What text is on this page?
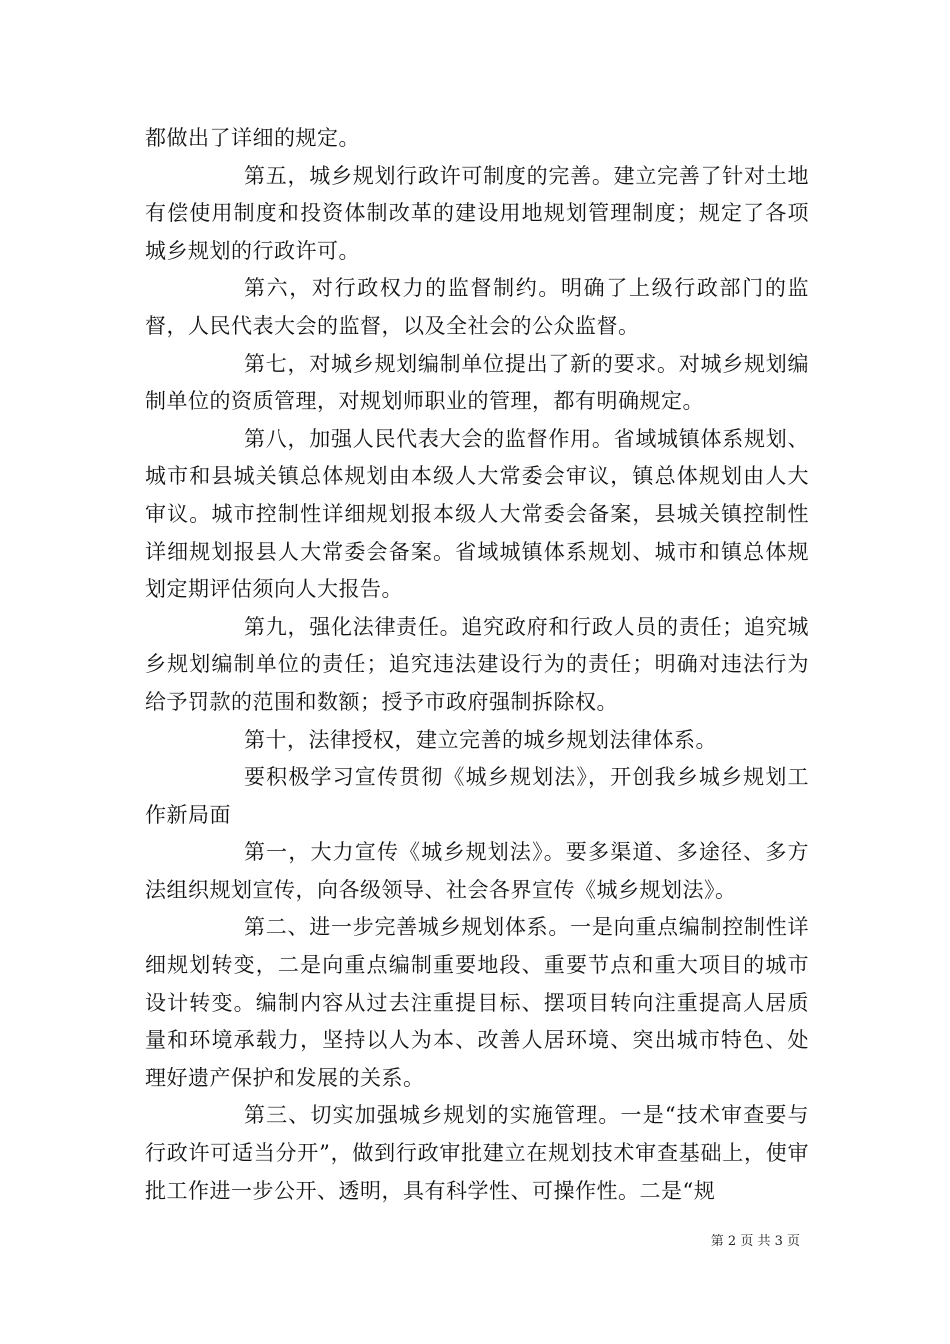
都做出了详细的规定。

第五，城乡规划行政许可制度的完善。建立完善了针对土地有偿使用制度和投资体制改革的建设用地规划管理制度；规定了各项城乡规划的行政许可。

第六，对行政权力的监督制约。明确了上级行政部门的监督，人民代表大会的监督，以及全社会的公众监督。

第七，对城乡规划编制单位提出了新的要求。对城乡规划编制单位的资质管理，对规划师职业的管理，都有明确规定。

第八，加强人民代表大会的监督作用。省域城镇体系规划、城市和县城关镇总体规划由本级人大常委会审议，镇总体规划由人大审议。城市控制性详细规划报本级人大常委会备案，县城关镇控制性详细规划报县人大常委会备案。省域城镇体系规划、城市和镇总体规划定期评估须向人大报告。

第九，强化法律责任。追究政府和行政人员的责任；追究城乡规划编制单位的责任；追究违法建设行为的责任；明确对违法行为给予罚款的范围和数额；授予市政府强制拆除权。

第十，法律授权，建立完善的城乡规划法律体系。

要积极学习宣传贯彻《城乡规划法》，开创我乡城乡规划工作新局面

第一，大力宣传《城乡规划法》。要多渠道、多途径、多方法组织规划宣传，向各级领导、社会各界宣传《城乡规划法》。

第二、进一步完善城乡规划体系。一是向重点编制控制性详细规划转变，二是向重点编制重要地段、重要节点和重大项目的城市设计转变。编制内容从过去注重提目标、摆项目转向注重提高人居质量和环境承载力，坚持以人为本、改善人居环境、突出城市特色、处理好遗产保护和发展的关系。

第三、切实加强城乡规划的实施管理。一是“技术审查要与行政许可适当分开”，做到行政审批建立在规划技术审查基础上，使审批工作进一步公开、透明，具有科学性、可操作性。二是“规

第 2 页 共 3 页
